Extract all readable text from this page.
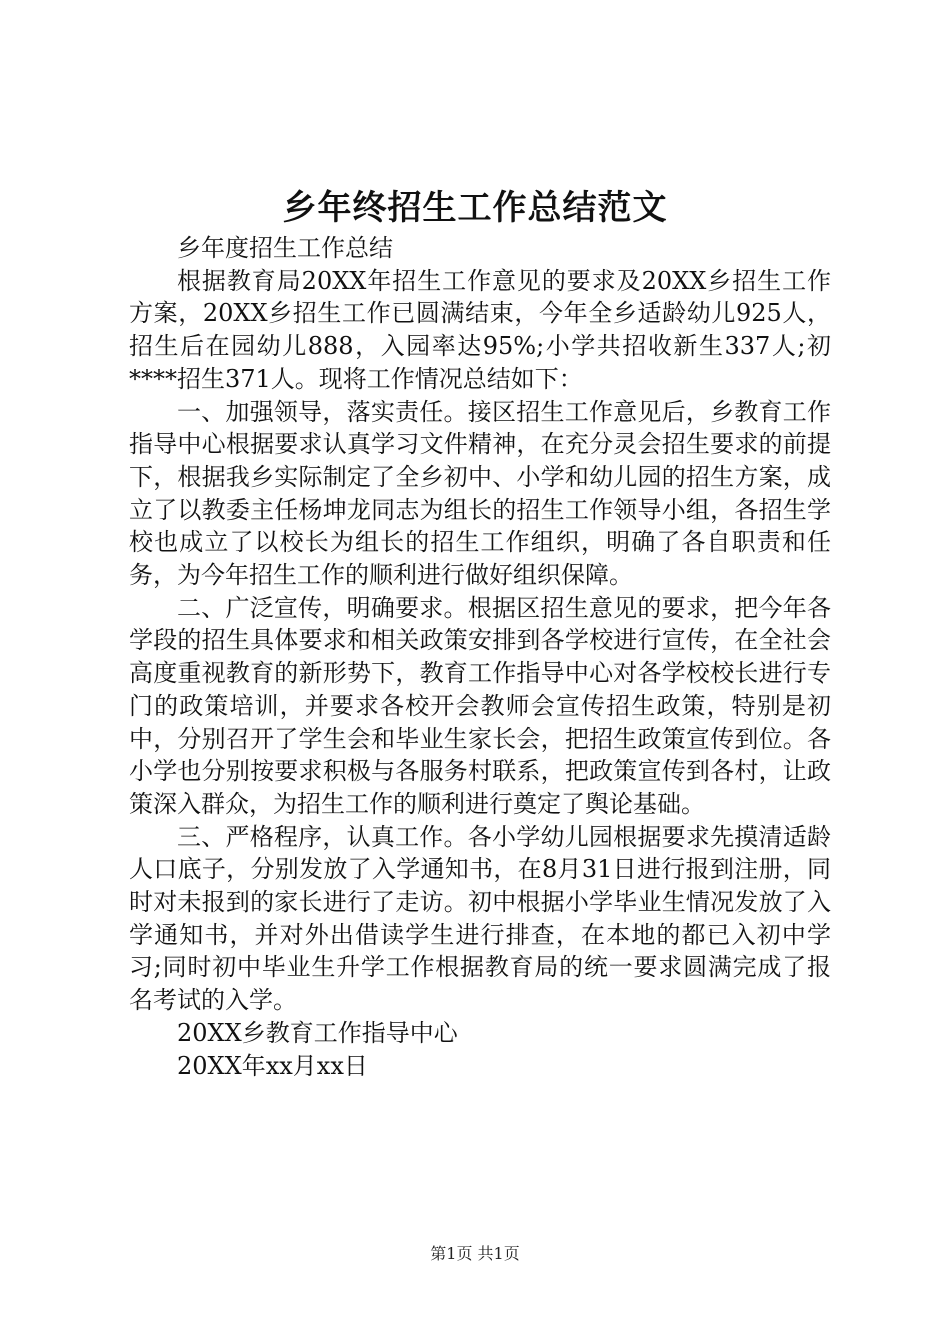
乡年终招生工作总结范文

乡年度招生工作总结

根据教育局20XX年招生工作意见的要求及20XX乡招生工作方案，20XX乡招生工作已圆满结束，今年全乡适龄幼儿925人，招生后在园幼儿888，入园率达95%;小学共招收新生337人;初****招生371人。现将工作情况总结如下：

一、加强领导，落实责任。接区招生工作意见后，乡教育工作指导中心根据要求认真学习文件精神，在充分灵会招生要求的前提下，根据我乡实际制定了全乡初中、小学和幼儿园的招生方案，成立了以教委主任杨坤龙同志为组长的招生工作领导小组，各招生学校也成立了以校长为组长的招生工作组织，明确了各自职责和任务，为今年招生工作的顺利进行做好组织保障。

二、广泛宣传，明确要求。根据区招生意见的要求，把今年各学段的招生具体要求和相关政策安排到各学校进行宣传，在全社会高度重视教育的新形势下，教育工作指导中心对各学校校长进行专门的政策培训，并要求各校开会教师会宣传招生政策，特别是初中，分别召开了学生会和毕业生家长会，把招生政策宣传到位。各小学也分别按要求积极与各服务村联系，把政策宣传到各村，让政策深入群众，为招生工作的顺利进行奠定了舆论基础。

三、严格程序，认真工作。各小学幼儿园根据要求先摸清适龄人口底子，分别发放了入学通知书，在8月31日进行报到注册，同时对未报到的家长进行了走访。初中根据小学毕业生情况发放了入学通知书，并对外出借读学生进行排查，在本地的都已入初中学习;同时初中毕业生升学工作根据教育局的统一要求圆满完成了报名考试的入学。

20XX乡教育工作指导中心

20XX年xx月xx日

第1页 共1页
